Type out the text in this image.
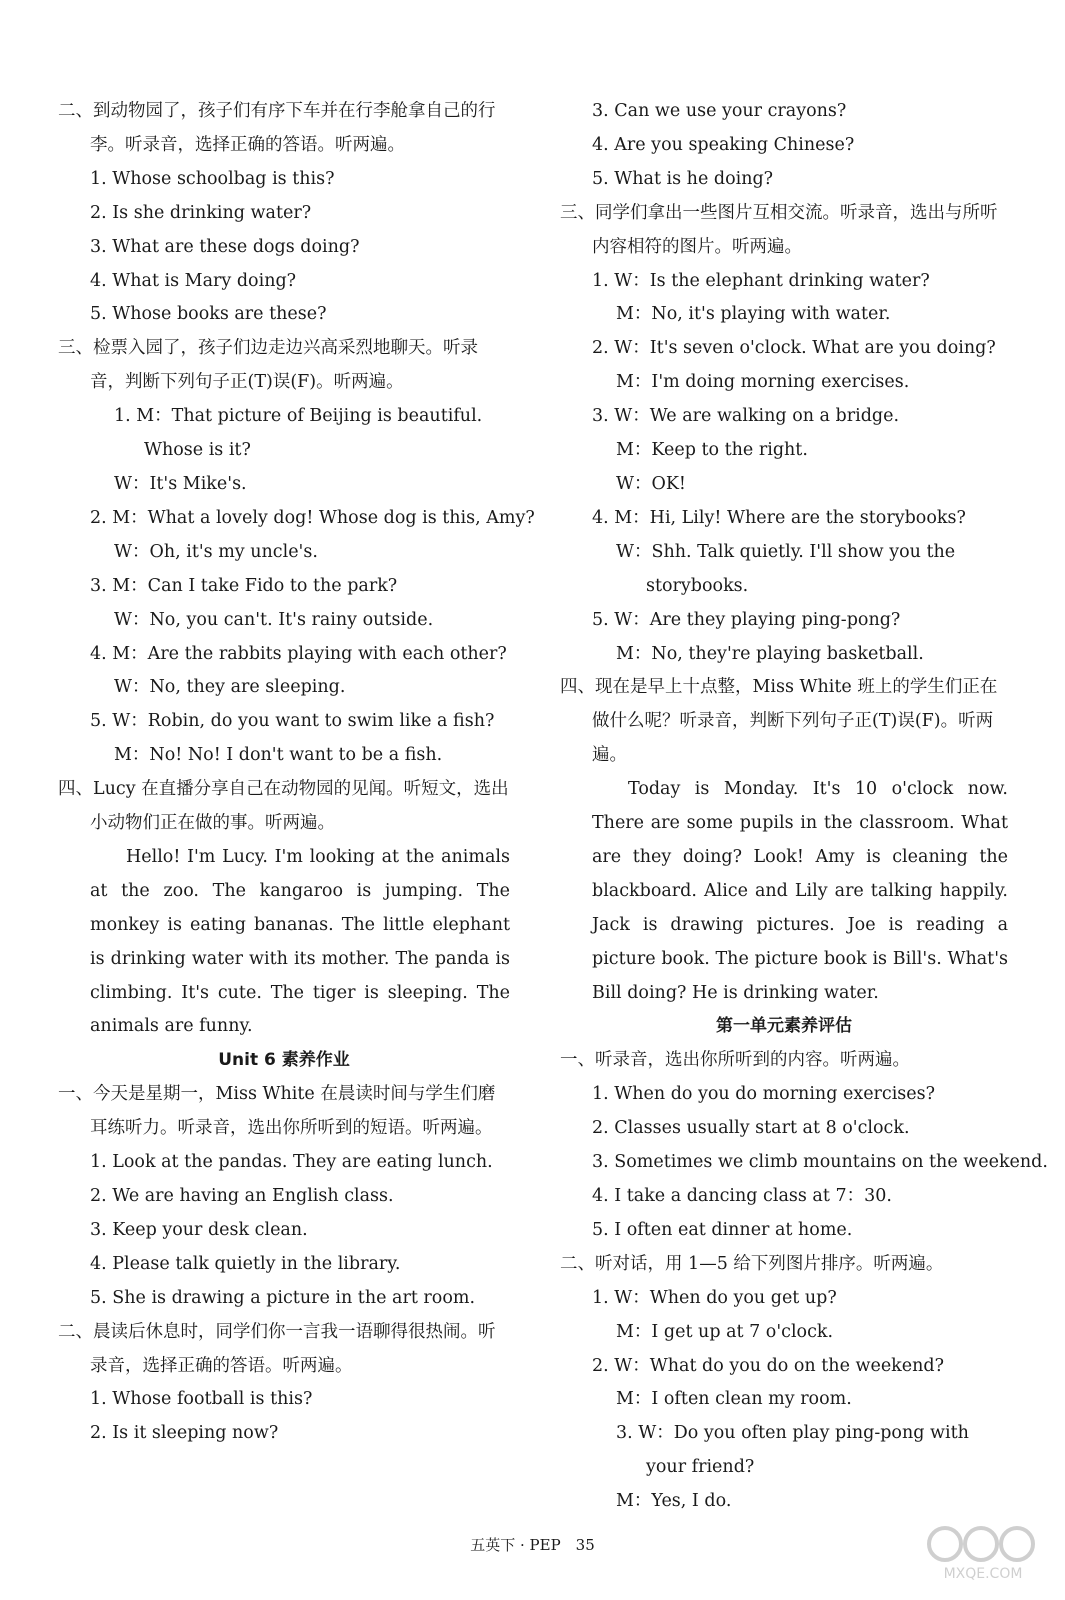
二、到动物园了，孩子们有序下车并在行李舱拿自己的行李。听录音，选择正确的答语。听两遍。
1. Whose schoolbag is this?
2. Is she drinking water?
3. What are these dogs doing?
4. What is Mary doing?
5. Whose books are these?
三、检票入园了，孩子们边走边兴高采烈地聊天。听录音，判断下列句子正(T)误(F)。听两遍。
1. M：That picture of Beijing is beautiful. Whose is it?
W：It's Mike's.
2. M：What a lovely dog! Whose dog is this, Amy?
W：Oh, it's my uncle's.
3. M：Can I take Fido to the park?
W：No, you can't. It's rainy outside.
4. M：Are the rabbits playing with each other?
W：No, they are sleeping.
5. W：Robin, do you want to swim like a fish?
M：No! No! I don't want to be a fish.
四、Lucy 在直播分享自己在动物园的见闻。听短文，选出小动物们正在做的事。听两遍。
Hello! I'm Lucy. I'm looking at the animals at the zoo. The kangaroo is jumping. The monkey is eating bananas. The little elephant is drinking water with its mother. The panda is climbing. It's cute. The tiger is sleeping. The animals are funny.
Unit 6 素养作业
一、今天是星期一，Miss White 在晨读时间与学生们磨耳练听力。听录音，选出你所听到的短语。听两遍。
1. Look at the pandas. They are eating lunch.
2. We are having an English class.
3. Keep your desk clean.
4. Please talk quietly in the library.
5. She is drawing a picture in the art room.
二、晨读后休息时，同学们你一言我一语聊得很热闹。听录音，选择正确的答语。听两遍。
1. Whose football is this?
2. Is it sleeping now?
3. Can we use your crayons?
4. Are you speaking Chinese?
5. What is he doing?
三、同学们拿出一些图片互相交流。听录音，选出与所听内容相符的图片。听两遍。
1. W：Is the elephant drinking water?
M：No, it's playing with water.
2. W：It's seven o'clock. What are you doing?
M：I'm doing morning exercises.
3. W：We are walking on a bridge.
M：Keep to the right.
W：OK!
4. M：Hi, Lily! Where are the storybooks?
W：Shh. Talk quietly. I'll show you the storybooks.
5. W：Are they playing ping-pong?
M：No, they're playing basketball.
四、现在是早上十点整，Miss White 班上的学生们正在做什么呢？听录音，判断下列句子正(T)误(F)。听两遍。
Today is Monday. It's 10 o'clock now. There are some pupils in the classroom. What are they doing? Look! Amy is cleaning the blackboard. Alice and Lily are talking happily. Jack is drawing pictures. Joe is reading a picture book. The picture book is Bill's. What's Bill doing? He is drinking water.
第一单元素养评估
一、听录音，选出你所听到的内容。听两遍。
1. When do you do morning exercises?
2. Classes usually start at 8 o'clock.
3. Sometimes we climb mountains on the weekend.
4. I take a dancing class at 7：30.
5. I often eat dinner at home.
二、听对话，用 1—5 给下列图片排序。听两遍。
1. W：When do you get up?
M：I get up at 7 o'clock.
2. W：What do you do on the weekend?
M：I often clean my room.
3. W：Do you often play ping-pong with your friend?
M：Yes, I do.
五英下 · PEP　35
MXQE.COM
